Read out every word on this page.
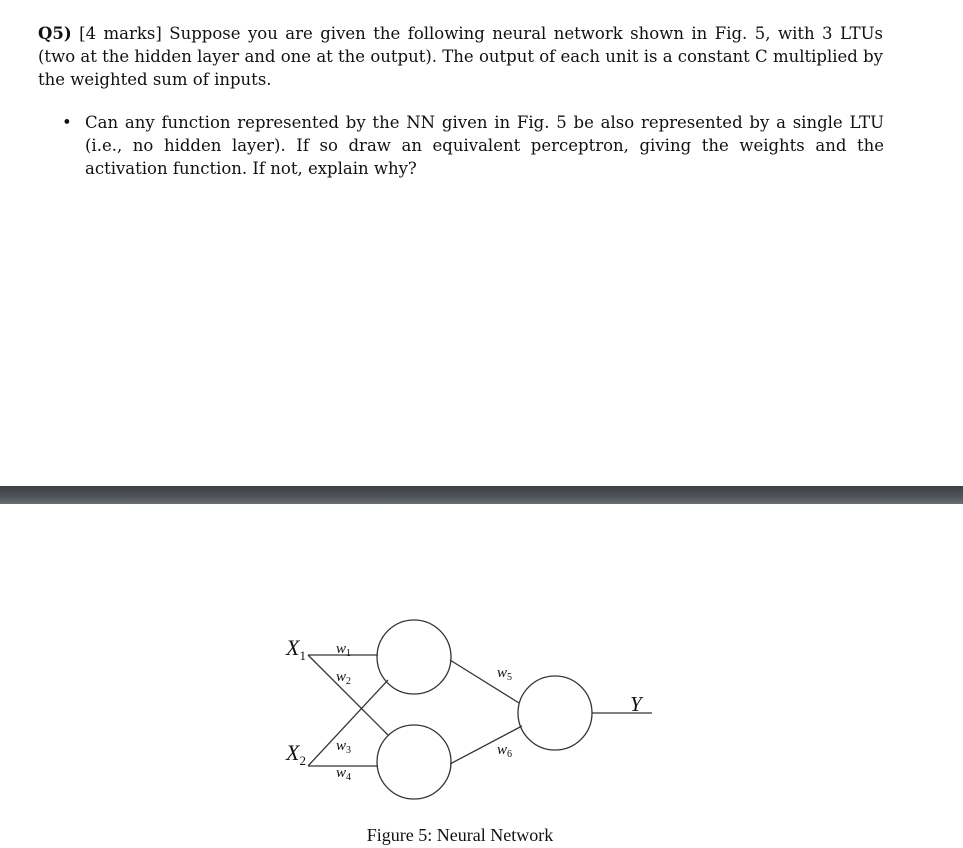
Q5) [4 marks] Suppose you are given the following neural network shown in Fig. 5, with 3 LTUs (two at the hidden layer and one at the output). The output of each unit is a constant C multiplied by the weighted sum of inputs.
• Can any function represented by the NN given in Fig. 5 be also represented by a single LTU (i.e., no hidden layer). If so draw an equivalent perceptron, giving the weights and the activation function. If not, explain why?
$X_1$
$X_2$
$w_1$
$w_2$
$w_3$
$w_4$
$w_5$
$w_6$
Y
Figure 5: Neural Network
